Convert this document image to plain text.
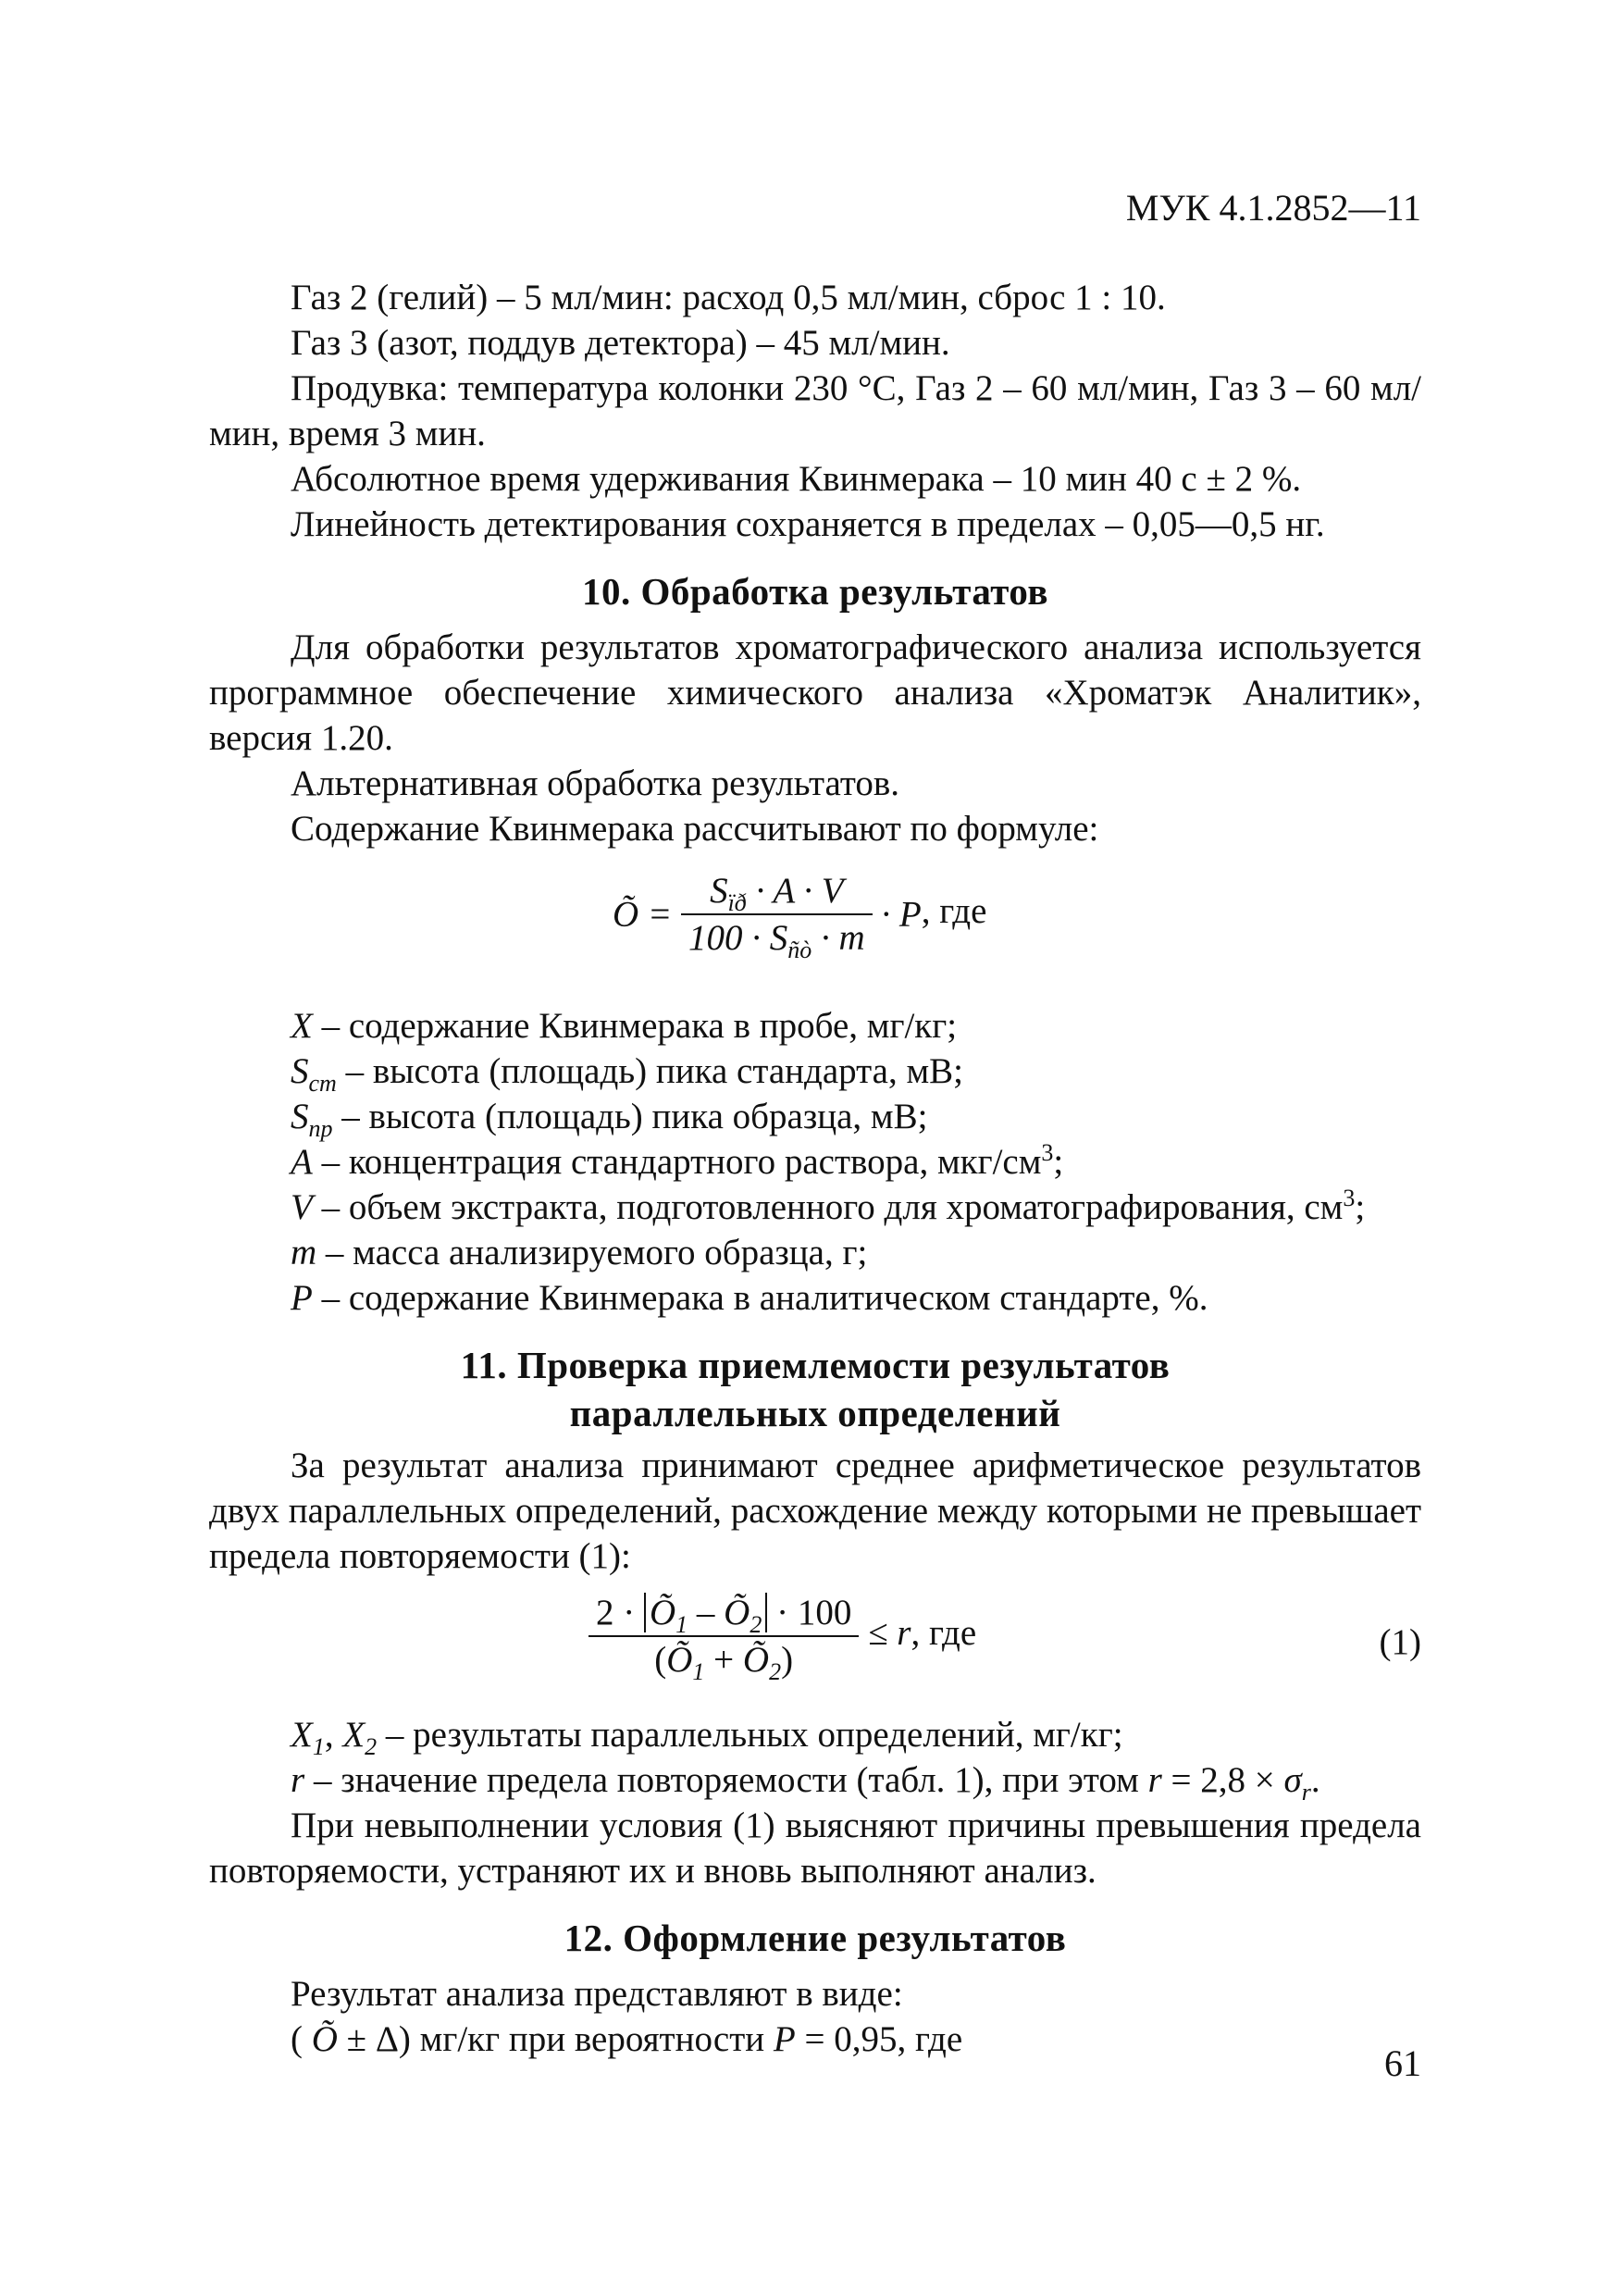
МУК 4.1.2852—11

Газ 2 (гелий) – 5 мл/мин: расход 0,5 мл/мин, сброс 1 : 10.

Газ 3 (азот, поддув детектора) – 45 мл/мин.

Продувка: температура колонки 230 °С, Газ 2 – 60 мл/мин, Газ 3 – 60 мл/мин, время 3 мин.

Абсолютное время удерживания Квинмерака – 10 мин 40 с ± 2 %.

Линейность детектирования сохраняется в пределах – 0,05—0,5 нг.

10. Обработка результатов

Для обработки результатов хроматографического анализа используется программное обеспечение химического анализа «Хроматэк Аналитик», версия 1.20.

Альтернативная обработка результатов.

Содержание Квинмерака рассчитывают по формуле:

Õ = $\frac{S_{ïð} \cdot A \cdot V}{100 \cdot S_{ñò} \cdot m} \cdot P$, где

X – содержание Квинмерака в пробе, мг/кг;

$S_{ст}$ – высота (площадь) пика стандарта, мВ;

$S_{пр}$ – высота (площадь) пика образца, мВ;

A – концентрация стандартного раствора, мкг/$см^3$;

V – объем экстракта, подготовленного для хроматографирования, $см^3$;

m – масса анализируемого образца, г;

P – содержание Квинмерака в аналитическом стандарте, %.

11. Проверка приемлемости результатов
параллельных определений

За результат анализа принимают среднее арифметическое результатов двух параллельных определений, расхождение между которыми не превышает предела повторяемости (1):

$\frac{2 \cdot Õ_1 - Õ_2 \cdot 100}{(Õ_1 + Õ_2)} \le r$, где	(1)

$X_1$, $X_2$ – результаты параллельных определений, мг/кг;

r – значение предела повторяемости (табл. 1), при этом $r = 2,8 \times \sigma_r$.

При невыполнении условия (1) выясняют причины превышения предела повторяемости, устраняют их и вновь выполняют анализ.

12. Оформление результатов

Результат анализа представляют в виде:

( Õ ± Δ) мг/кг при вероятности P = 0,95, где

61
